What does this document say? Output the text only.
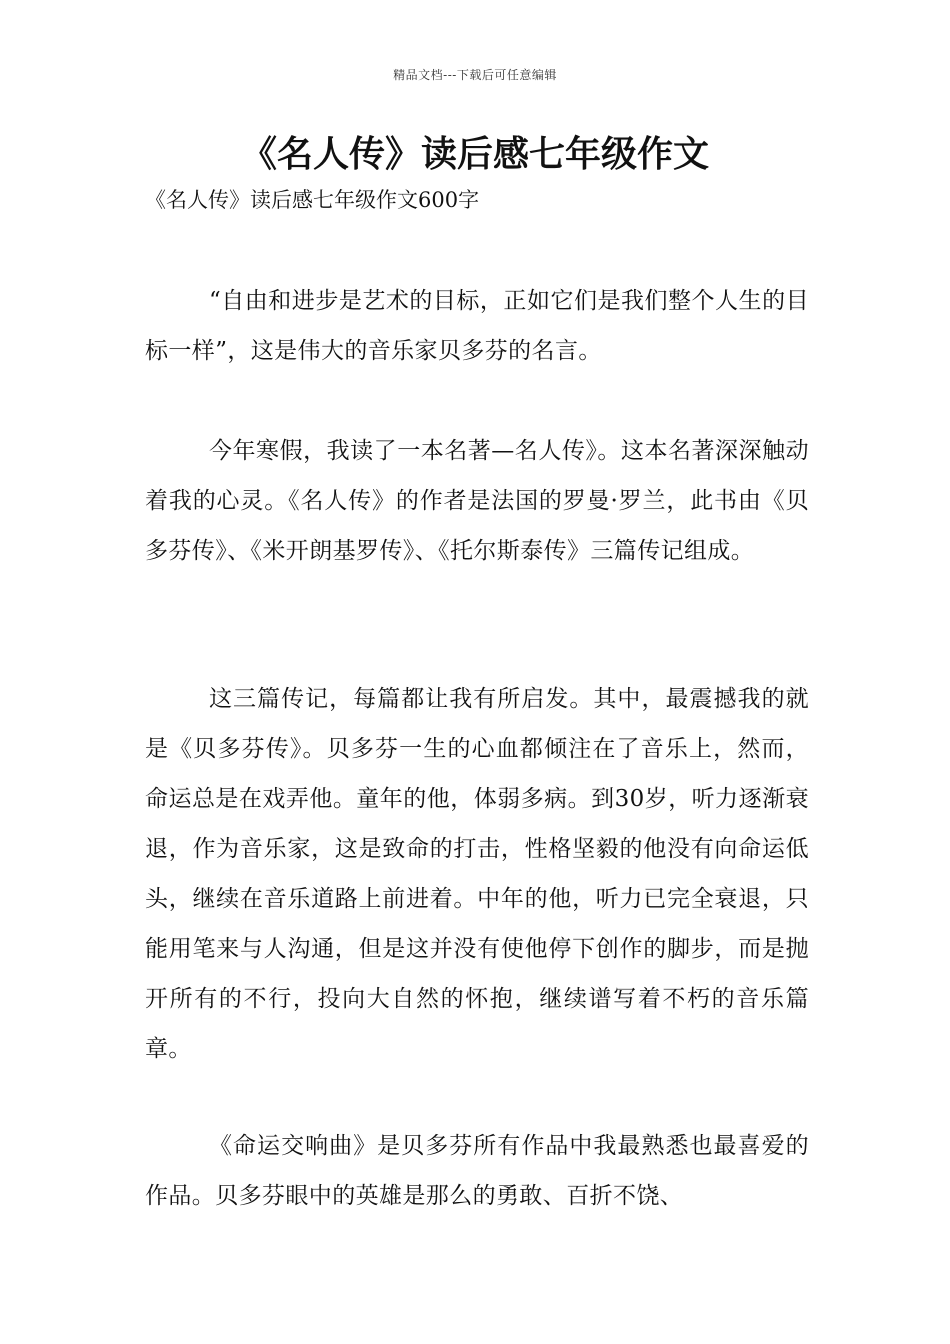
精品文档---下载后可任意编辑
《名人传》读后感七年级作文
《名人传》读后感七年级作文600字

“自由和进步是艺术的目标，正如它们是我们整个人生的目标一样”，这是伟大的音乐家贝多芬的名言。

今年寒假，我读了一本名著—名人传》。这本名著深深触动着我的心灵。《名人传》的作者是法国的罗曼·罗兰，此书由《贝多芬传》、《米开朗基罗传》、《托尔斯泰传》三篇传记组成。

这三篇传记，每篇都让我有所启发。其中，最震撼我的就是《贝多芬传》。贝多芬一生的心血都倾注在了音乐上，然而，命运总是在戏弄他。童年的他，体弱多病。到30岁，听力逐渐衰退，作为音乐家，这是致命的打击，性格坚毅的他没有向命运低头，继续在音乐道路上前进着。中年的他，听力已完全衰退，只能用笔来与人沟通，但是这并没有使他停下创作的脚步，而是抛开所有的不行，投向大自然的怀抱，继续谱写着不朽的音乐篇章。

《命运交响曲》是贝多芬所有作品中我最熟悉也最喜爱的作品。贝多芬眼中的英雄是那么的勇敢、百折不饶、
